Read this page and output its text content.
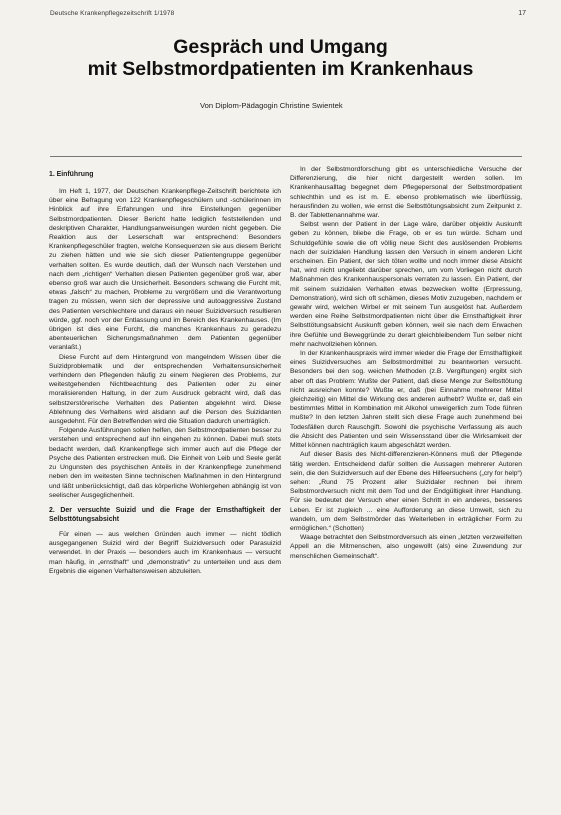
Deutsche Krankenpflegezeitschrift 1/1978	17
Gespräch und Umgang
mit Selbstmordpatienten im Krankenhaus
Von Diplom-Pädagogin Christine Swientek
1. Einführung

Im Heft 1, 1977, der Deutschen Krankenpflege-Zeitschrift berichtete ich über eine Befragung von 122 Krankenpflegeschülern und -schülerinnen im Hinblick auf ihre Erfahrungen und ihre Einstellungen gegenüber Selbstmordpatienten. Dieser Bericht hatte lediglich feststellenden und deskriptiven Charakter, Handlungsanweisungen wurden nicht gegeben. Die Reaktion aus der Leserschaft war entsprechend: Besonders Krankenpflegeschüler fragten, welche Konsequenzen sie aus diesem Bericht zu ziehen hätten und wie sie sich dieser Patientengruppe gegenüber verhalten sollten. Es wurde deutlich, daß der Wunsch nach Verstehen und nach dem „richtigen“ Verhalten diesen Patienten gegenüber groß war, aber ebenso groß war auch die Unsicherheit. Besonders schwang die Furcht mit, etwas „falsch“ zu machen, Probleme zu vergrößern und die Verantwortung tragen zu müssen, wenn sich der depressive und autoaggressive Zustand des Patienten verschlechtere und daraus ein neuer Suizidversuch resultieren würde, ggf. noch vor der Entlassung und im Bereich des Krankenhauses. (Im übrigen ist dies eine Furcht, die manches Krankenhaus zu geradezu abenteuerlichen Sicherungsmaßnahmen dem Patienten gegenüber veranlaßt.)

Diese Furcht auf dem Hintergrund von mangelndem Wissen über die Suizidproblematik und der entsprechenden Verhaltensunsicherheit verhindern den Pflegenden häufig zu einem Negieren des Problems, zur weitestgehenden Nichtbeachtung des Patienten oder zu einer moralisierenden Haltung, in der zum Ausdruck gebracht wird, daß das selbstzerstörerische Verhalten des Patienten abgelehnt wird. Diese Ablehnung des Verhaltens wird alsdann auf die Person des Suizidanten ausgedehnt. Für den Betreffenden wird die Situation dadurch unerträglich.

Folgende Ausführungen sollen helfen, den Selbstmordpatienten besser zu verstehen und entsprechend auf ihn eingehen zu können. Dabei muß stets bedacht werden, daß Krankenpflege sich immer auch auf die Pflege der Psyche des Patienten erstrecken muß. Die Einheit von Leib und Seele gerät zu Ungunsten des psychischen Anteils in der Krankenpflege zunehmend neben den im weitesten Sinne technischen Maßnahmen in den Hintergrund und läßt unberücksichtigt, daß das körperliche Wohlergehen abhängig ist von seelischer Ausgeglichenheit.

2. Der versuchte Suizid und die Frage der Ernsthaftigkeit der Selbsttötungsabsicht

Für einen — aus welchen Gründen auch immer — nicht tödlich ausgegangenen Suizid wird der Begriff Suizidversuch oder Parasuizid verwendet. In der Praxis — besonders auch im Krankenhaus — versucht man häufig, in „ernsthaft“ und „demonstrativ“ zu unterteilen und aus dem Ergebnis die eigenen Verhaltensweisen abzuleiten.

In der Selbstmordforschung gibt es unterschiedliche Versuche der Differenzierung, die hier nicht dargestellt werden sollen. Im Krankenhausalltag begegnet dem Pflegepersonal der Selbstmordpatient schlechthin und es ist m. E. ebenso problematisch wie überflüssig, herausfinden zu wollen, wie ernst die Selbsttötungsabsicht zum Zeitpunkt z. B. der Tablettenannahme war.

Selbst wenn der Patient in der Lage wäre, darüber objektiv Auskunft geben zu können, bliebe die Frage, ob er es tun würde. Scham und Schuldgefühle sowie die oft völlig neue Sicht des auslösenden Problems nach der suizidalen Handlung lassen den Versuch in einem anderen Licht erscheinen. Ein Patient, der sich töten wollte und noch immer diese Absicht hat, wird nicht ungeliebt darüber sprechen, um vom Vorliegen nicht durch Maßnahmen des Krankenhauspersonals verraten zu lassen. Ein Patient, der mit seinem suizidalen Verhalten etwas bezwecken wollte (Erpressung, Demonstration), wird sich oft schämen, dieses Motiv zuzugeben, nachdem er gewahr wird, welchen Wirbel er mit seinem Tun ausgelöst hat. Außerdem werden eine Reihe Selbstmordpatienten nicht über die Ernsthaftigkeit ihrer Selbsttötungsabsicht Auskunft geben können, weil sie nach dem Erwachen ihre Gefühle und Beweggründe zu derart gleichbleibendem Tun selber nicht mehr nachvollziehen können.

In der Krankenhauspraxis wird immer wieder die Frage der Ernsthaftigkeit eines Suizidversuches am Selbstmordmittel zu beantworten versucht. Besonders bei den sog. weichen Methoden (z.B. Vergiftungen) ergibt sich aber oft das Problem: Wußte der Patient, daß diese Menge zur Selbsttötung nicht ausreichen konnte? Wußte er, daß (bei Einnahme mehrerer Mittel gleichzeitig) ein Mittel die Wirkung des anderen aufhebt? Wußte er, daß ein bestimmtes Mittel in Kombination mit Alkohol unweigerlich zum Tode führen mußte? In den letzten Jahren stellt sich diese Frage auch zunehmend bei Todesfällen durch Rauschgift. Sowohl die psychische Verfassung als auch die Absicht des Patienten und sein Wissensstand über die Wirksamkeit der Mittel können nachträglich kaum abgeschätzt werden.

Auf dieser Basis des Nicht-differenzieren-Könnens muß der Pflegende tätig werden. Entscheidend dafür sollten die Aussagen mehrerer Autoren sein, die den Suizidversuch auf der Ebene des Hilfeersuchens („cry for help“) sehen: „Rund 75 Prozent aller Suizidaler rechnen bei ihrem Selbstmordversuch nicht mit dem Tod und der Endgültigkeit ihrer Handlung. Für sie bedeutet der Versuch eher einen Schritt in ein anderes, besseres Leben. Er ist zugleich ... eine Aufforderung an diese Umwelt, sich zu wandeln, um dem Selbstmörder das Weiterleben in erträglicher Form zu ermöglichen.“ (Schotten)

Waage betrachtet den Selbstmordversuch als einen „letzten verzweifelten Appell an die Mitmenschen, also ungewollt (als) eine Zuwendung zur menschlichen Gemeinschaft“.
